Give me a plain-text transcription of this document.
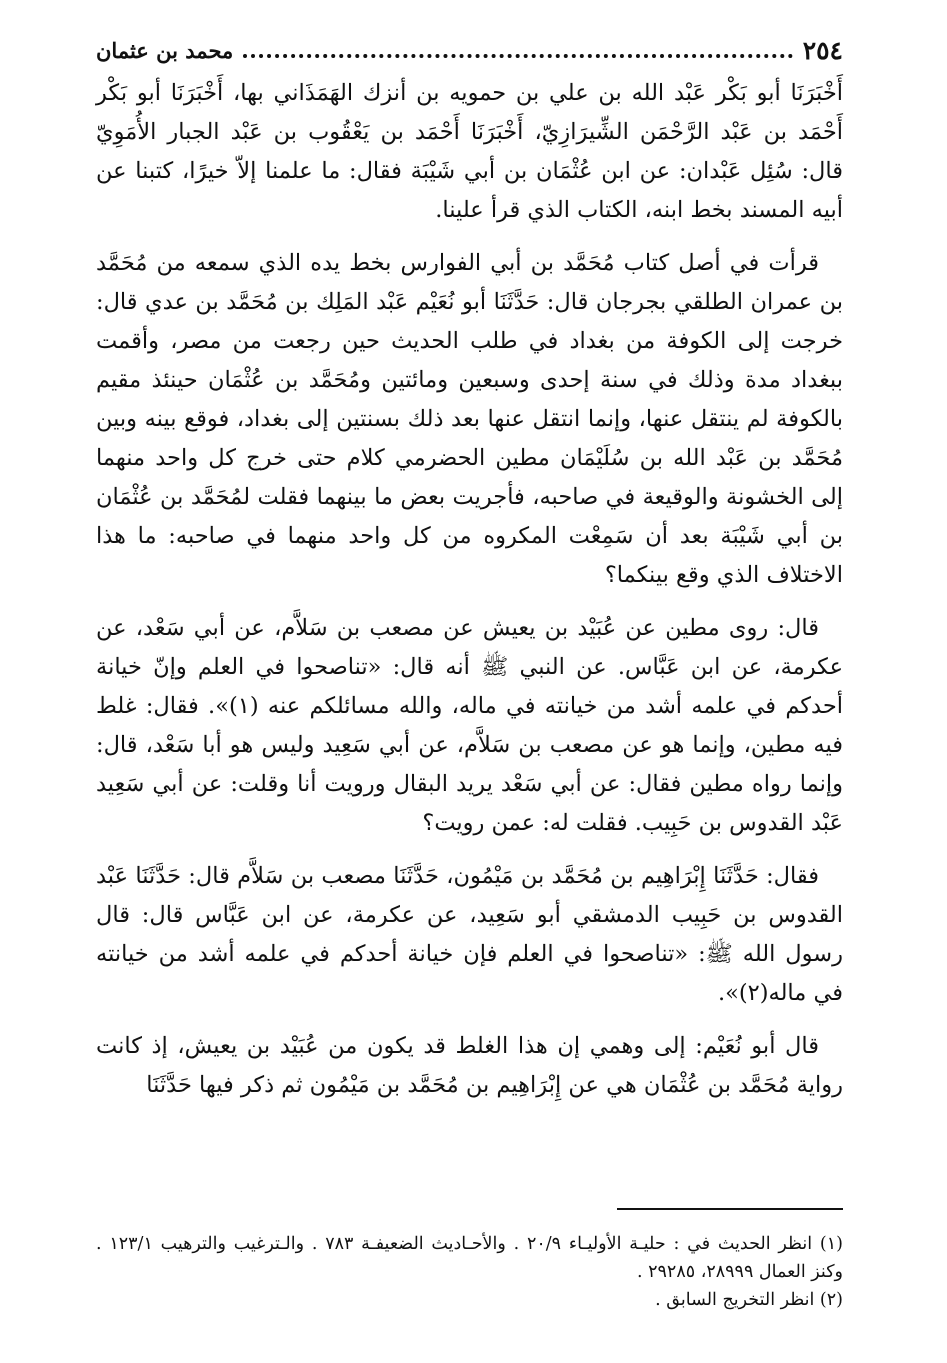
٢٥٤
محمد بن عثمان

أَخْبَرَنَا أبو بَكْر عَبْد الله بن علي بن حمويه بن أنزك الهَمَذَاني بها، أَخْبَرَنَا أبو بَكْر أَحْمَد بن عَبْد الرَّحْمَن الشِّيرَازِيّ، أَخْبَرَنَا أَحْمَد بن يَعْقُوب بن عَبْد الجبار الأُمَوِيّ قال: سُئِل عَبْدان: عن ابن عُثْمَان بن أبي شَيْبَة فقال: ما علمنا إلاّ خيرًا، كتبنا عن أبيه المسند بخط ابنه، الكتاب الذي قرأ علينا.

قرأت في أصل كتاب مُحَمَّد بن أبي الفوارس بخط يده الذي سمعه من مُحَمَّد بن عمران الطلقي بجرجان قال: حَدَّثَنَا أبو نُعَيْم عَبْد المَلِك بن مُحَمَّد بن عدي قال: خرجت إلى الكوفة من بغداد في طلب الحديث حين رجعت من مصر، وأقمت ببغداد مدة وذلك في سنة إحدى وسبعين ومائتين ومُحَمَّد بن عُثْمَان حينئذ مقيم بالكوفة لم ينتقل عنها، وإنما انتقل عنها بعد ذلك بسنتين إلى بغداد، فوقع بينه وبين مُحَمَّد بن عَبْد الله بن سُلَيْمَان مطين الحضرمي كلام حتى خرج كل واحد منهما إلى الخشونة والوقيعة في صاحبه، فأجريت بعض ما بينهما فقلت لمُحَمَّد بن عُثْمَان بن أبي شَيْبَة بعد أن سَمِعْت المكروه من كل واحد منهما في صاحبه: ما هذا الاختلاف الذي وقع بينكما؟

قال: روى مطين عن عُبَيْد بن يعيش عن مصعب بن سَلاَّم، عن أبي سَعْد، عن عكرمة، عن ابن عَبَّاس. عن النبي ﷺ أنه قال: «تناصحوا في العلم وإنّ خيانة أحدكم في علمه أشد من خيانته في ماله، والله مسائلكم عنه (١)». فقال: غلط فيه مطين، وإنما هو عن مصعب بن سَلاَّم، عن أبي سَعِيد وليس هو أبا سَعْد، قال: وإنما رواه مطين فقال: عن أبي سَعْد يريد البقال ورويت أنا وقلت: عن أبي سَعِيد عَبْد القدوس بن حَبِيب. فقلت له: عمن رويت؟

فقال: حَدَّثَنَا إِبْرَاهِيم بن مُحَمَّد بن مَيْمُون، حَدَّثَنَا مصعب بن سَلاَّم قال: حَدَّثَنَا عَبْد القدوس بن حَبِيب الدمشقي أبو سَعِيد، عن عكرمة، عن ابن عَبَّاس قال: قال رسول الله ﷺ: «تناصحوا في العلم فإن خيانة أحدكم في علمه أشد من خيانته في ماله(٢)».

قال أبو نُعَيْم: إلى وهمي إن هذا الغلط قد يكون من عُبَيْد بن يعيش، إذ كانت رواية مُحَمَّد بن عُثْمَان هي عن إِبْرَاهِيم بن مُحَمَّد بن مَيْمُون ثم ذكر فيها حَدَّثَنَا

(١) انظر الحديث في : حليـة الأوليـاء ٢٠/٩ . والأحـاديث الضعيفـة ٧٨٣ . والـترغيب والترهيب ١٢٣/١ . وكنز العمال ٢٨٩٩٩، ٢٩٢٨٥ .

(٢) انظر التخريج السابق .
